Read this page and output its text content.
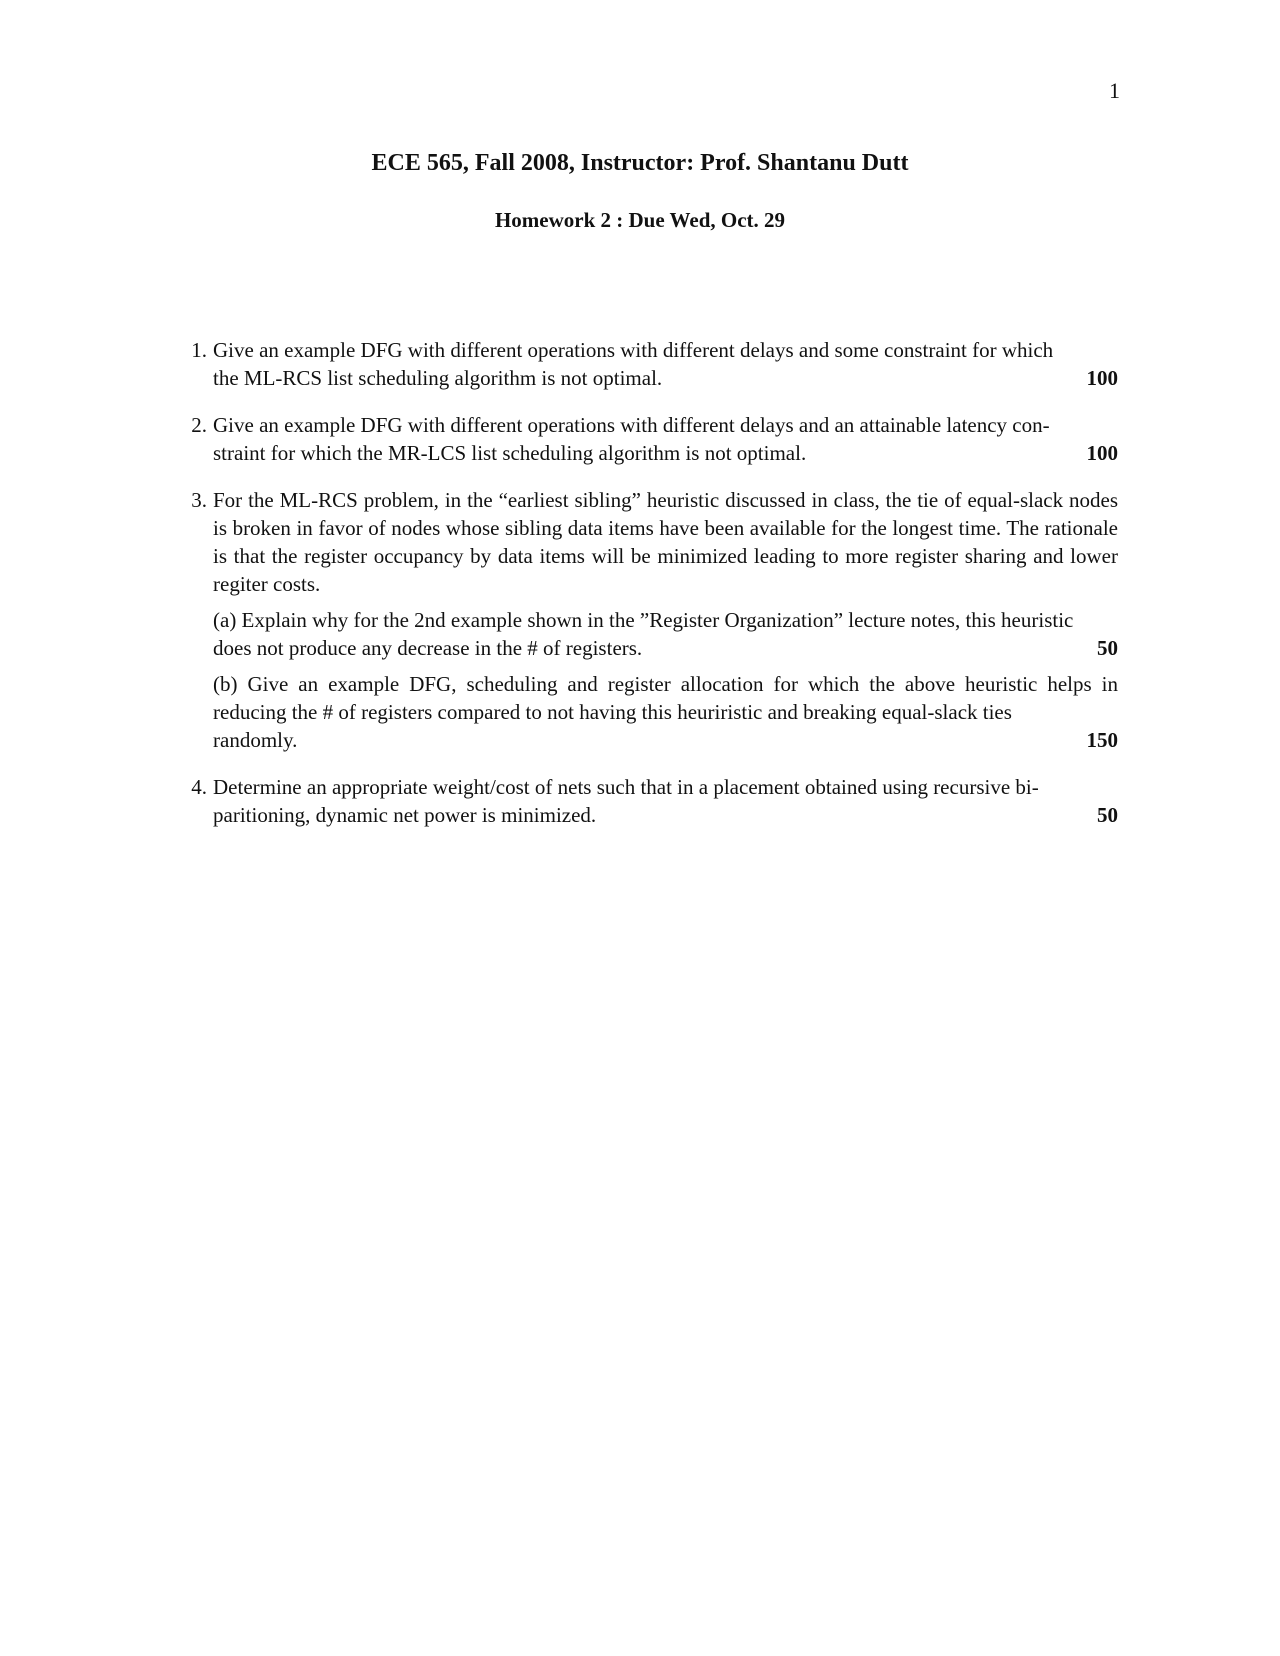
1
ECE 565, Fall 2008, Instructor: Prof. Shantanu Dutt
Homework 2 : Due Wed, Oct. 29
1. Give an example DFG with different operations with different delays and some constraint for which
the ML-RCS list scheduling algorithm is not optimal.	100
2. Give an example DFG with different operations with different delays and an attainable latency con-
straint for which the MR-LCS list scheduling algorithm is not optimal.	100
3. For the ML-RCS problem, in the “earliest sibling” heuristic discussed in class, the tie of equal-slack nodes is broken in favor of nodes whose sibling data items have been available for the longest time. The rationale is that the register occupancy by data items will be minimized leading to more register sharing and lower regiter costs.
(a) Explain why for the 2nd example shown in the ”Register Organization” lecture notes, this heuristic
does not produce any decrease in the # of registers.	50
(b) Give an example DFG, scheduling and register allocation for which the above heuristic helps in reducing the # of registers compared to not having this heuriristic and breaking equal-slack ties
randomly.	150
4. Determine an appropriate weight/cost of nets such that in a placement obtained using recursive bi-
paritioning, dynamic net power is minimized.	50
